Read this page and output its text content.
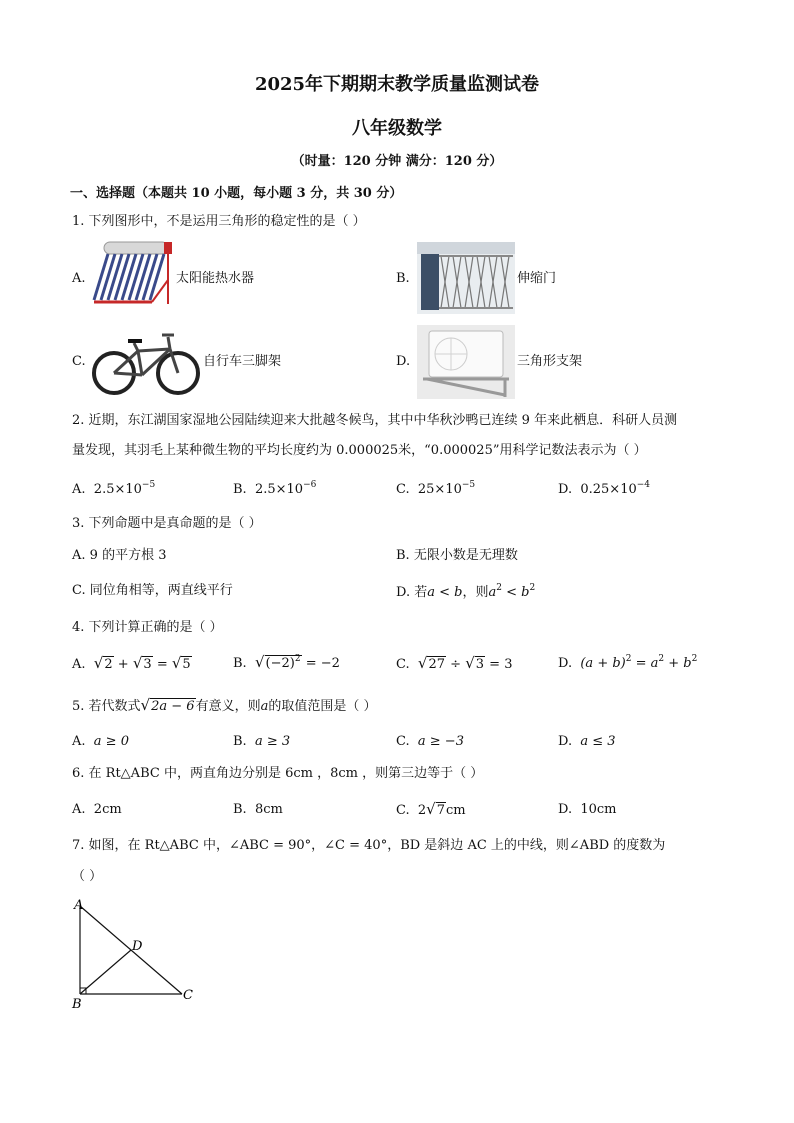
2025年下期期末教学质量监测试卷
八年级数学
（时量：120 分钟 满分：120 分）
一、选择题（本题共 10 小题，每小题 3 分，共 30 分）
1. 下列图形中，不是运用三角形的稳定性的是（ ）
A.	太阳能热水器	B.	伸缩门
C.	自行车三脚架	D.	三角形支架
2. 近期，东江湖国家湿地公园陆续迎来大批越冬候鸟，其中中华秋沙鸭已连续 9 年来此栖息．科研人员测
量发现，其羽毛上某种微生物的平均长度约为 0.000025米，“0.000025”用科学记数法表示为（ ）
A. $2.5\times 10^{-5}$	B. $2.5\times 10^{-6}$	C. $25\times 10^{-5}$	D. $0.25\times 10^{-4}$
3. 下列命题中是真命题的是（ ）
A. 9 的平方根 3	B. 无限小数是无理数
C. 同位角相等，两直线平行	D. 若a < b，则$a^2 < b^2$
4. 下列计算正确的是（ ）
A. √2 + √3 = √5	B. $√(-2)^2 = -2$	C. √27 ÷ √3 = 3	D. $(a + b)^2 = a^2 + b^2$
5. 若代数式√2a − 6有意义，则a的取值范围是（ ）
A. a ≥ 0	B. a ≥ 3	C. a ≥ −3	D. a ≤ 3
6. 在 Rt△ABC 中，两直角边分别是 6cm ，8cm ，则第三边等于（ ）
A. 2cm	B. 8cm	C. 2√7cm	D. 10cm
7. 如图，在 Rt△ABC 中，∠ABC = 90°，∠C = 40°，BD 是斜边 AC 上的中线，则∠ABD 的度数为
（ ）
A
B
C
D
